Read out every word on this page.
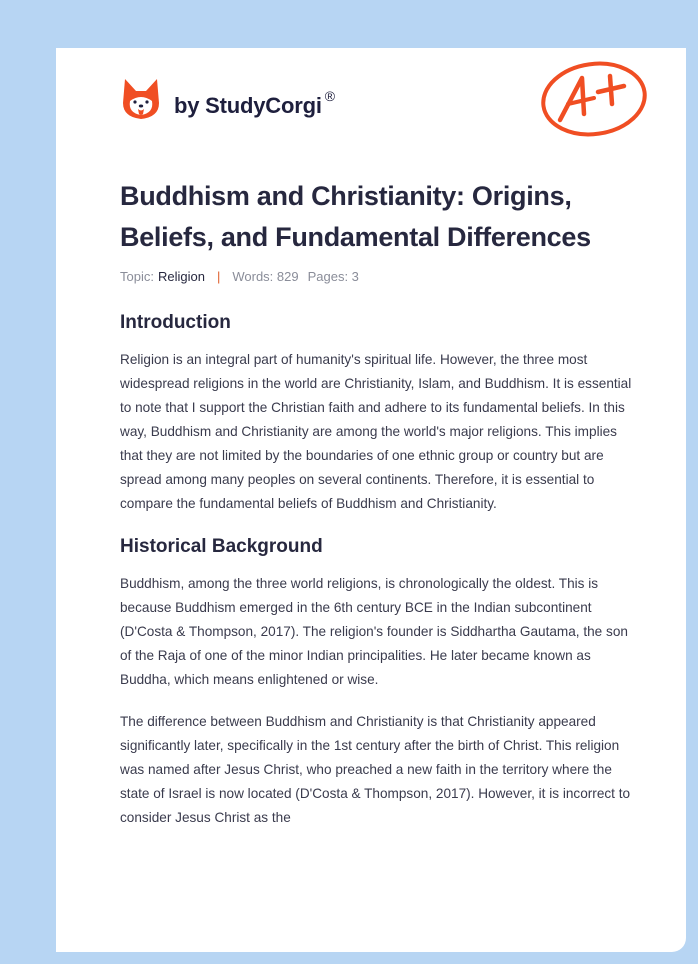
by StudyCorgi ®
Buddhism and Christianity: Origins, Beliefs, and Fundamental Differences
Topic: Religion | Words: 829 Pages: 3
Introduction

Religion is an integral part of humanity's spiritual life. However, the three most widespread religions in the world are Christianity, Islam, and Buddhism. It is essential to note that I support the Christian faith and adhere to its fundamental beliefs. In this way, Buddhism and Christianity are among the world's major religions. This implies that they are not limited by the boundaries of one ethnic group or country but are spread among many peoples on several continents. Therefore, it is essential to compare the fundamental beliefs of Buddhism and Christianity.

Historical Background

Buddhism, among the three world religions, is chronologically the oldest. This is because Buddhism emerged in the 6th century BCE in the Indian subcontinent (D'Costa & Thompson, 2017). The religion's founder is Siddhartha Gautama, the son of the Raja of one of the minor Indian principalities. He later became known as Buddha, which means enlightened or wise.

The difference between Buddhism and Christianity is that Christianity appeared significantly later, specifically in the 1st century after the birth of Christ. This religion was named after Jesus Christ, who preached a new faith in the territory where the state of Israel is now located (D'Costa & Thompson, 2017). However, it is incorrect to consider Jesus Christ as the
